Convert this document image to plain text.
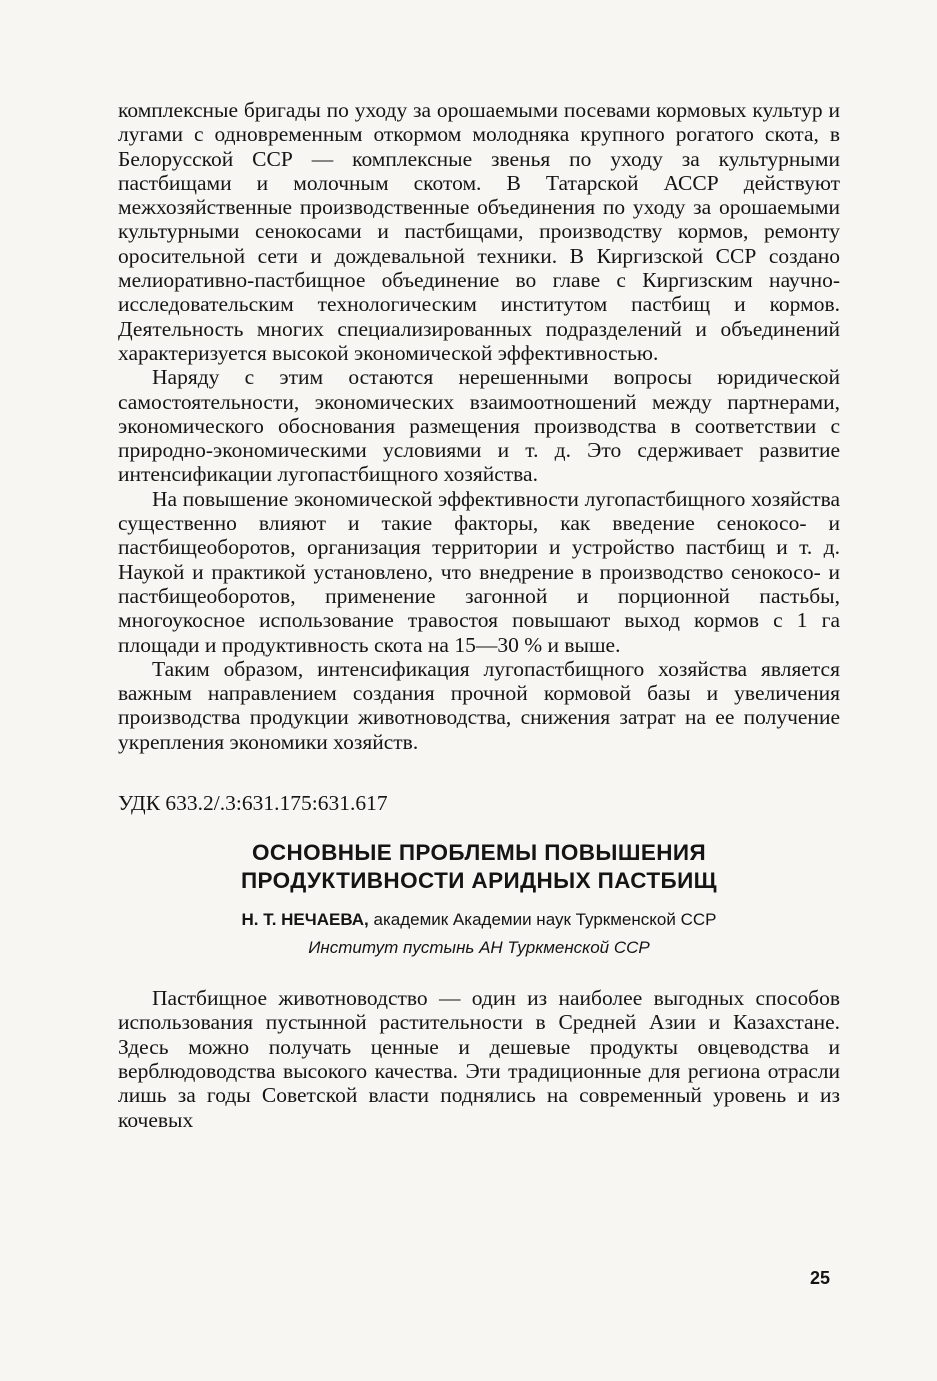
комплексные бригады по уходу за орошаемыми посевами кормовых культур и лугами с одновременным откормом молодняка крупного рогатого скота, в Белорусской ССР — комплексные звенья по уходу за культурными пастбищами и молочным скотом. В Татарской АССР действуют межхозяйственные производственные объединения по уходу за орошаемыми культурными сенокосами и пастбищами, производству кормов, ремонту оросительной сети и дождевальной техники. В Киргизской ССР создано мелиоративно-пастбищное объединение во главе с Киргизским научно-исследовательским технологическим институтом пастбищ и кормов. Деятельность многих специализированных подразделений и объединений характеризуется высокой экономической эффективностью.

Наряду с этим остаются нерешенными вопросы юридической самостоятельности, экономических взаимоотношений между партнерами, экономического обоснования размещения производства в соответствии с природно-экономическими условиями и т. д. Это сдерживает развитие интенсификации лугопастбищного хозяйства.

На повышение экономической эффективности лугопастбищного хозяйства существенно влияют и такие факторы, как введение сенокосо- и пастбищеоборотов, организация территории и устройство пастбищ и т. д. Наукой и практикой установлено, что внедрение в производство сенокосо- и пастбищеоборотов, применение загонной и порционной пастьбы, многоукосное использование травостоя повышают выход кормов с 1 га площади и продуктивность скота на 15—30 % и выше.

Таким образом, интенсификация лугопастбищного хозяйства является важным направлением создания прочной кормовой базы и увеличения производства продукции животноводства, снижения затрат на ее получение укрепления экономики хозяйств.

УДК 633.2/.3:631.175:631.617
ОСНОВНЫЕ ПРОБЛЕМЫ ПОВЫШЕНИЯ
ПРОДУКТИВНОСТИ АРИДНЫХ ПАСТБИЩ
Н. Т. НЕЧАЕВА, академик Академии наук Туркменской ССР
Институт пустынь АН Туркменской ССР

Пастбищное животноводство — один из наиболее выгодных способов использования пустынной растительности в Средней Азии и Казахстане. Здесь можно получать ценные и дешевые продукты овцеводства и верблюдоводства высокого качества. Эти традиционные для региона отрасли лишь за годы Советской власти поднялись на современный уровень и из кочевых

25
